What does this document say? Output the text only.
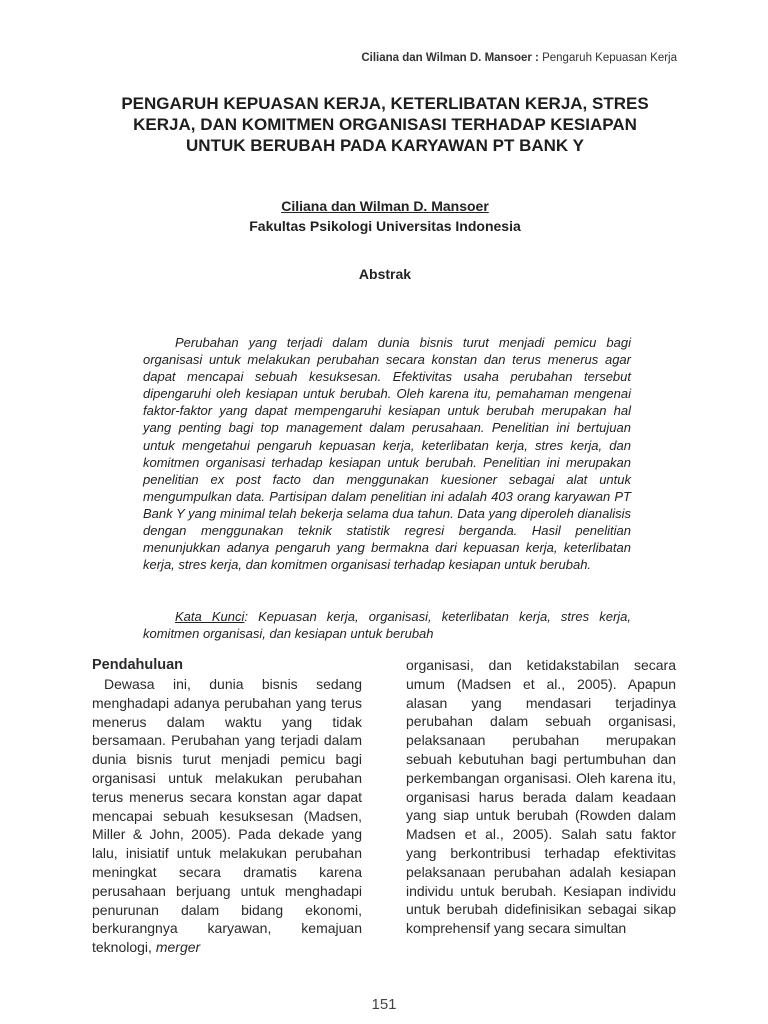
Ciliana dan Wilman D. Mansoer : Pengaruh Kepuasan Kerja
PENGARUH KEPUASAN KERJA, KETERLIBATAN KERJA, STRES
KERJA, DAN KOMITMEN ORGANISASI TERHADAP KESIAPAN
UNTUK BERUBAH PADA KARYAWAN PT BANK Y
Ciliana dan Wilman D. Mansoer
Fakultas Psikologi Universitas Indonesia
Abstrak

Perubahan yang terjadi dalam dunia bisnis turut menjadi pemicu bagi organisasi untuk melakukan perubahan secara konstan dan terus menerus agar dapat mencapai sebuah kesuksesan. Efektivitas usaha perubahan tersebut dipengaruhi oleh kesiapan untuk berubah. Oleh karena itu, pemahaman mengenai faktor-faktor yang dapat mempengaruhi kesiapan untuk berubah merupakan hal yang penting bagi top management dalam perusahaan. Penelitian ini bertujuan untuk mengetahui pengaruh kepuasan kerja, keterlibatan kerja, stres kerja, dan komitmen organisasi terhadap kesiapan untuk berubah. Penelitian ini merupakan penelitian ex post facto dan menggunakan kuesioner sebagai alat untuk mengumpulkan data. Partisipan dalam penelitian ini adalah 403 orang karyawan PT Bank Y yang minimal telah bekerja selama dua tahun. Data yang diperoleh dianalisis dengan menggunakan teknik statistik regresi berganda. Hasil penelitian menunjukkan adanya pengaruh yang bermakna dari kepuasan kerja, keterlibatan kerja, stres kerja, dan komitmen organisasi terhadap kesiapan untuk berubah.

Kata Kunci: Kepuasan kerja, organisasi, keterlibatan kerja, stres kerja, komitmen organisasi, dan kesiapan untuk berubah

Pendahuluan

Dewasa ini, dunia bisnis sedang menghadapi adanya perubahan yang terus menerus dalam waktu yang tidak bersamaan. Perubahan yang terjadi dalam dunia bisnis turut menjadi pemicu bagi organisasi untuk melakukan perubahan terus menerus secara konstan agar dapat mencapai sebuah kesuksesan (Madsen, Miller & John, 2005). Pada dekade yang lalu, inisiatif untuk melakukan perubahan meningkat secara dramatis karena perusahaan berjuang untuk menghadapi penurunan dalam bidang ekonomi, berkurangnya karyawan, kemajuan teknologi, merger

organisasi, dan ketidakstabilan secara umum (Madsen et al., 2005). Apapun alasan yang mendasari terjadinya perubahan dalam sebuah organisasi, pelaksanaan perubahan merupakan sebuah kebutuhan bagi pertumbuhan dan perkembangan organisasi. Oleh karena itu, organisasi harus berada dalam keadaan yang siap untuk berubah (Rowden dalam Madsen et al., 2005). Salah satu faktor yang berkontribusi terhadap efektivitas pelaksanaan perubahan adalah kesiapan individu untuk berubah. Kesiapan individu untuk berubah didefinisikan sebagai sikap komprehensif yang secara simultan

151
